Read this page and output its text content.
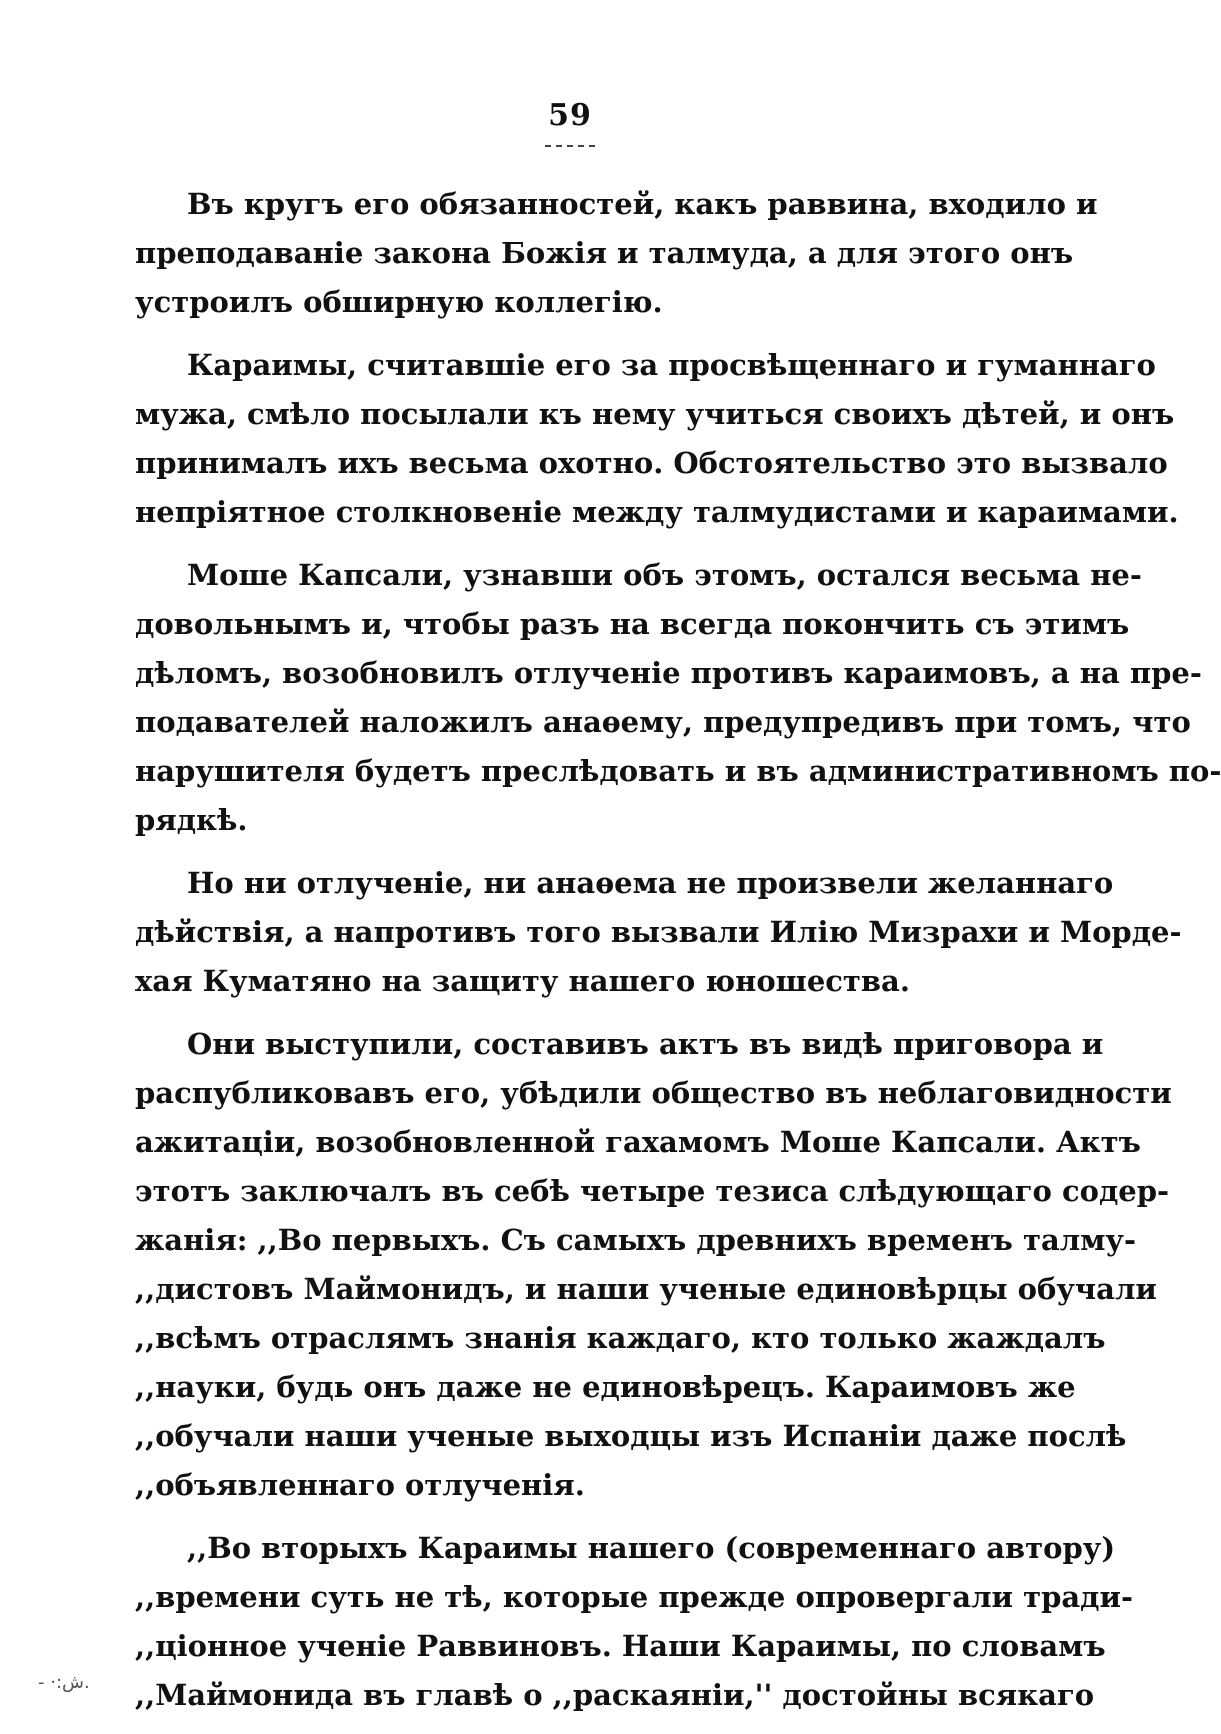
59

Въ кругъ его обязанностей, какъ раввина, входило и
преподаваніе закона Божія и талмуда, а для этого онъ
устроилъ обширную коллегію.

Караимы, считавшіе его за просвѣщеннаго и гуманнаго
мужа, смѣло посылали къ нему учиться своихъ дѣтей, и онъ
принималъ ихъ весьма охотно. Обстоятельство это вызвало
непріятное столкновеніе между талмудистами и караимами.

Моше Капсали, узнавши объ этомъ, остался весьма не-
довольнымъ и, чтобы разъ на всегда покончить съ этимъ
дѣломъ, возобновилъ отлученіе противъ караимовъ, а на пре-
подавателей наложилъ анаѳему, предупредивъ при томъ, что
нарушителя будетъ преслѣдовать и въ административномъ по-
рядкѣ.

Но ни отлученіе, ни анаѳема не произвели желаннаго
дѣйствія, а напротивъ того вызвали Илію Мизрахи и Морде-
хая Куматяно на защиту нашего юношества.

Они выступили, составивъ актъ въ видѣ приговора и
распубликовавъ его, убѣдили общество въ неблаговидности
ажитаціи, возобновленной гахамомъ Моше Капсали. Актъ
этотъ заключалъ въ себѣ четыре тезиса слѣдующаго содер-
жанія: ,,Во первыхъ. Съ самыхъ древнихъ временъ талму-
,,дистовъ Маймонидъ, и наши ученые единовѣрцы обучали
,,всѣмъ отраслямъ знанія каждаго, кто только жаждалъ
,,науки, будь онъ даже не единовѣрецъ. Караимовъ же
,,обучали наши ученые выходцы изъ Испаніи даже послѣ
,,объявленнаго отлученія.

,,Во вторыхъ Караимы нашего (современнаго автору)
,,времени суть не тѣ, которые прежде опровергали тради-
,,ціонное ученіе Раввиновъ. Наши Караимы, по словамъ
,,Маймонида въ главѣ о ,,раскаяніи,'' достойны всякаго

- ·:ش.
